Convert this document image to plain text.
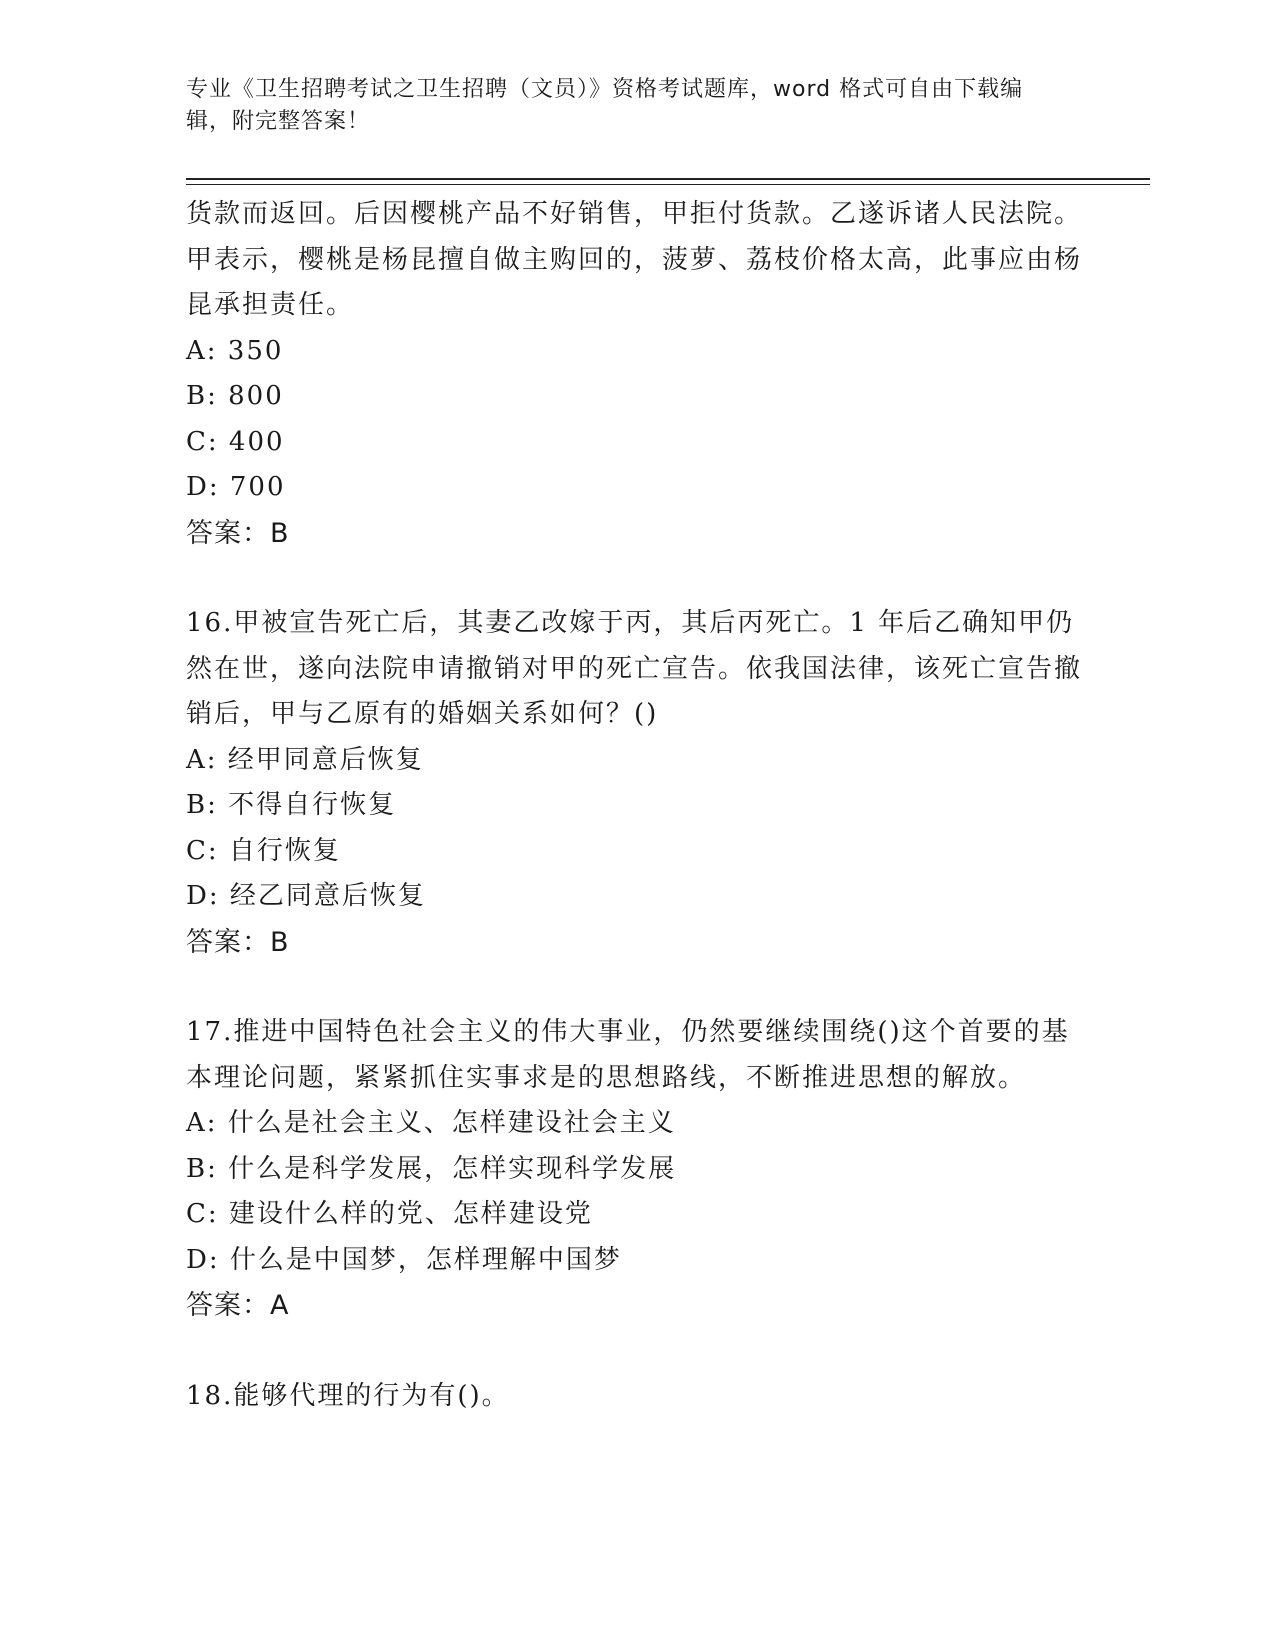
专业《卫生招聘考试之卫生招聘（文员）》资格考试题库，word 格式可自由下载编辑，附完整答案！

货款而返回。后因樱桃产品不好销售，甲拒付货款。乙遂诉诸人民法院。甲表示，樱桃是杨昆擅自做主购回的，菠萝、荔枝价格太高，此事应由杨昆承担责任。

A: 350

B: 800

C: 400

D: 700

答案：B

16.甲被宣告死亡后，其妻乙改嫁于丙，其后丙死亡。1 年后乙确知甲仍然在世，遂向法院申请撤销对甲的死亡宣告。依我国法律，该死亡宣告撤销后，甲与乙原有的婚姻关系如何？()

A: 经甲同意后恢复

B: 不得自行恢复

C: 自行恢复

D: 经乙同意后恢复

答案：B

17.推进中国特色社会主义的伟大事业，仍然要继续围绕()这个首要的基本理论问题，紧紧抓住实事求是的思想路线，不断推进思想的解放。

A: 什么是社会主义、怎样建设社会主义

B: 什么是科学发展，怎样实现科学发展

C: 建设什么样的党、怎样建设党

D: 什么是中国梦，怎样理解中国梦

答案：A

18.能够代理的行为有()。
